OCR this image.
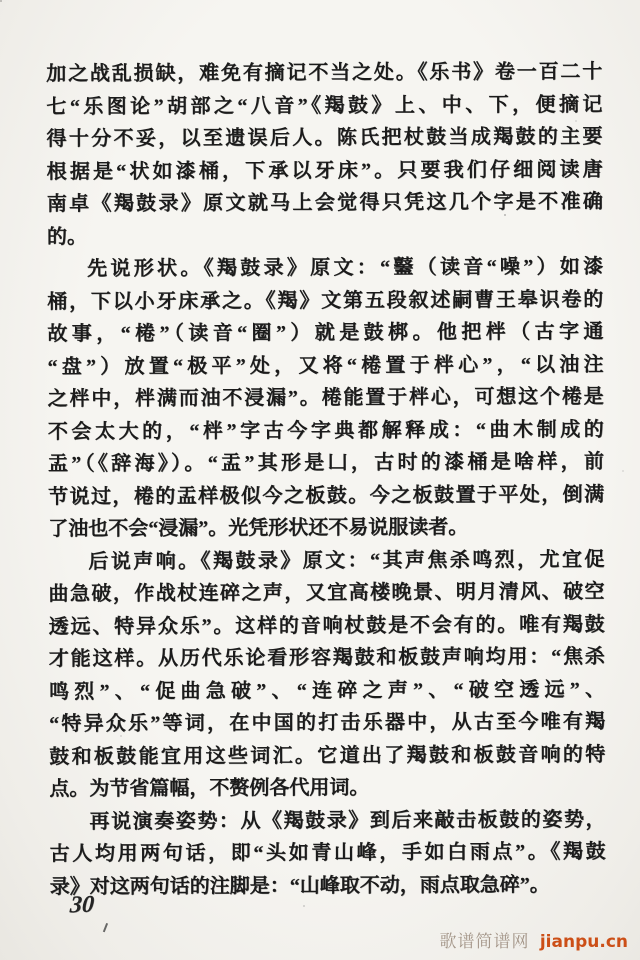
加之战乱损缺，难免有摘记不当之处。《乐书》卷一百二十

七“乐图论”胡部之“八音”《羯鼓》上、中、下，便摘记

得十分不妥，以至遗误后人。陈氏把杖鼓当成羯鼓的主要

根据是“状如漆桶，下承以牙床”。只要我们仔细阅读唐

南卓《羯鼓录》原文就马上会觉得只凭这几个字是不准确

的。

先说形状。《羯鼓录》原文：“𪔮（读音“噪”）如漆

桶，下以小牙床承之。《羯》文第五段叙述嗣曹王皋识卷的

故事，“棬”（读音“圈”）就是鼓梆。他把柈（古字通

“盘”）放置“极平”处，又将“棬置于柈心”，“以油注

之柈中，柈满而油不浸漏”。棬能置于柈心，可想这个棬是

不会太大的，“柈”字古今字典都解释成：“曲木制成的

盂”（《辞海》）。“盂”其形是凵，古时的漆桶是啥样，前

节说过，棬的盂样极似今之板鼓。今之板鼓置于平处，倒满

了油也不会“浸漏”。光凭形状还不易说服读者。

后说声响。《羯鼓录》原文：“其声焦杀鸣烈，尤宜促

曲急破，作战杖连碎之声，又宜高楼晚景、明月清风、破空

透远、特异众乐”。这样的音响杖鼓是不会有的。唯有羯鼓

才能这样。从历代乐论看形容羯鼓和板鼓声响均用：“焦杀

鸣烈”、“促曲急破”、“连碎之声”、“破空透远”、

“特异众乐”等词，在中国的打击乐器中，从古至今唯有羯

鼓和板鼓能宜用这些词汇。它道出了羯鼓和板鼓音响的特

点。为节省篇幅，不赘例各代用词。

再说演奏姿势：从《羯鼓录》到后来敲击板鼓的姿势，

古人均用两句话，即“头如青山峰，手如白雨点”。《羯鼓

录》对这两句话的注脚是：“山峰取不动，雨点取急碎”。

30
歌谱简谱网 jianpu.cn
